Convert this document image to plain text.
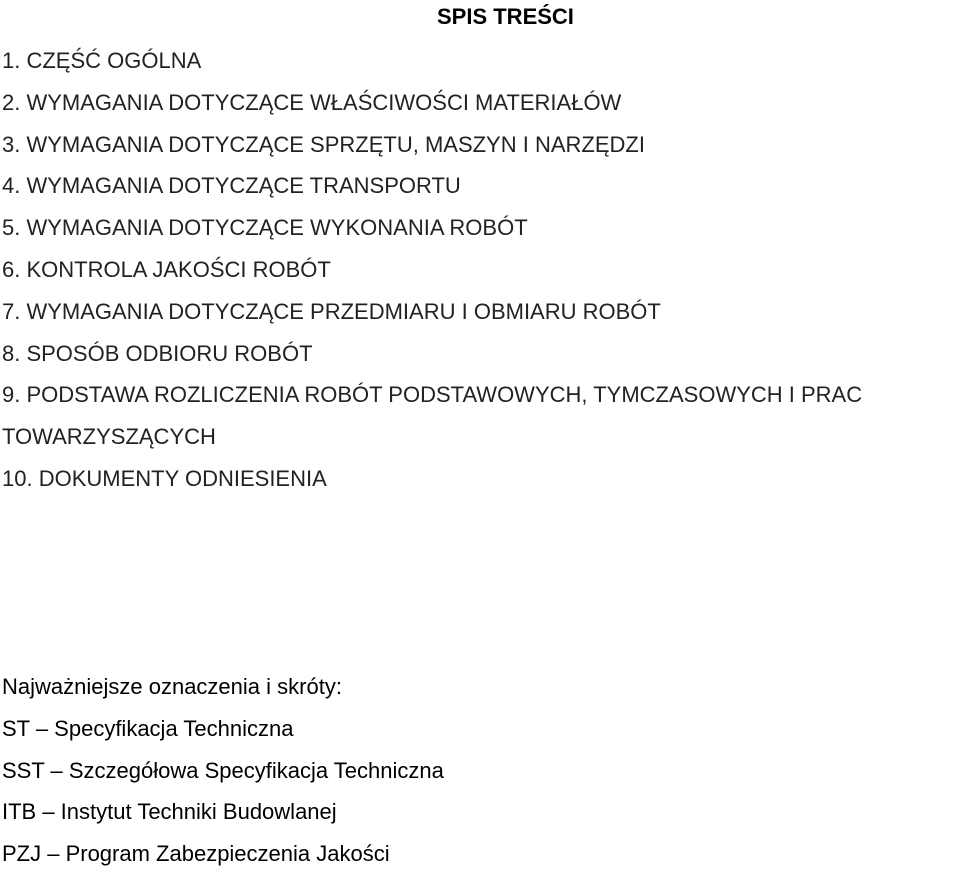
SPIS TREŚCI
1. CZĘŚĆ OGÓLNA
2. WYMAGANIA DOTYCZĄCE WŁAŚCIWOŚCI MATERIAŁÓW
3. WYMAGANIA DOTYCZĄCE SPRZĘTU, MASZYN I NARZĘDZI
4. WYMAGANIA DOTYCZĄCE TRANSPORTU
5. WYMAGANIA DOTYCZĄCE WYKONANIA ROBÓT
6. KONTROLA JAKOŚCI ROBÓT
7. WYMAGANIA DOTYCZĄCE PRZEDMIARU I OBMIARU ROBÓT
8. SPOSÓB ODBIORU ROBÓT
9. PODSTAWA ROZLICZENIA ROBÓT PODSTAWOWYCH, TYMCZASOWYCH I PRAC TOWARZYSZĄCYCH
10. DOKUMENTY ODNIESIENIA
Najważniejsze oznaczenia i skróty:
ST – Specyfikacja Techniczna
SST – Szczegółowa Specyfikacja Techniczna
ITB – Instytut Techniki Budowlanej
PZJ – Program Zabezpieczenia Jakości
